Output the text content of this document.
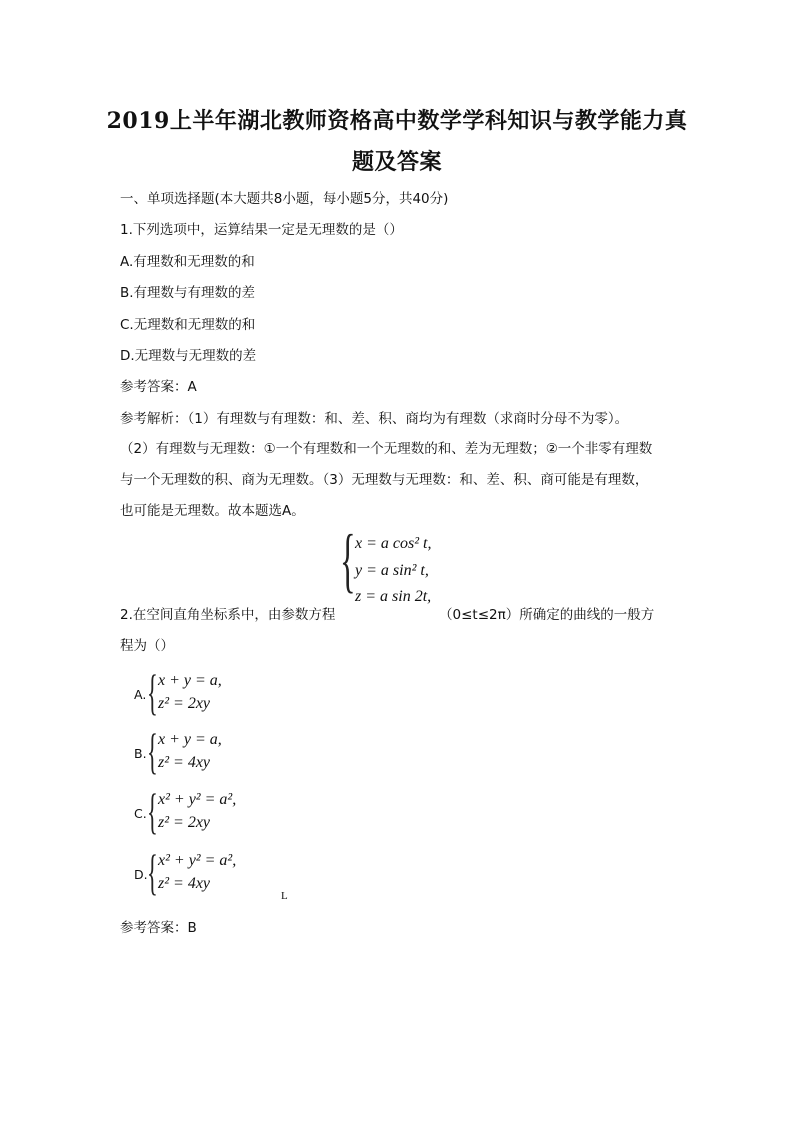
2019上半年湖北教师资格高中数学学科知识与教学能力真
题及答案
一、单项选择题(本大题共8小题，每小题5分，共40分)
1.下列选项中，运算结果一定是无理数的是（）
A.有理数和无理数的和
B.有理数与有理数的差
C.无理数和无理数的和
D.无理数与无理数的差
参考答案：A
参考解析：（1）有理数与有理数：和、差、积、商均为有理数（求商时分母不为零）。
（2）有理数与无理数：①一个有理数和一个无理数的和、差为无理数；②一个非零有理数
与一个无理数的积、商为无理数。（3）无理数与无理数：和、差、积、商可能是有理数，
也可能是无理数。故本题选A。
2.在空间直角坐标系中，由参数方程
{ x = a cos² t,
y = a sin² t,
z = a sin 2t,
（0≤t≤2π）所确定的曲线的一般方
程为（）
A. { x + y = a,
z² = 2xy
B. { x + y = a,
z² = 4xy
C. { x² + y² = a²,
z² = 2xy
D. { x² + y² = a²,
z² = 4xy
L
参考答案：B
